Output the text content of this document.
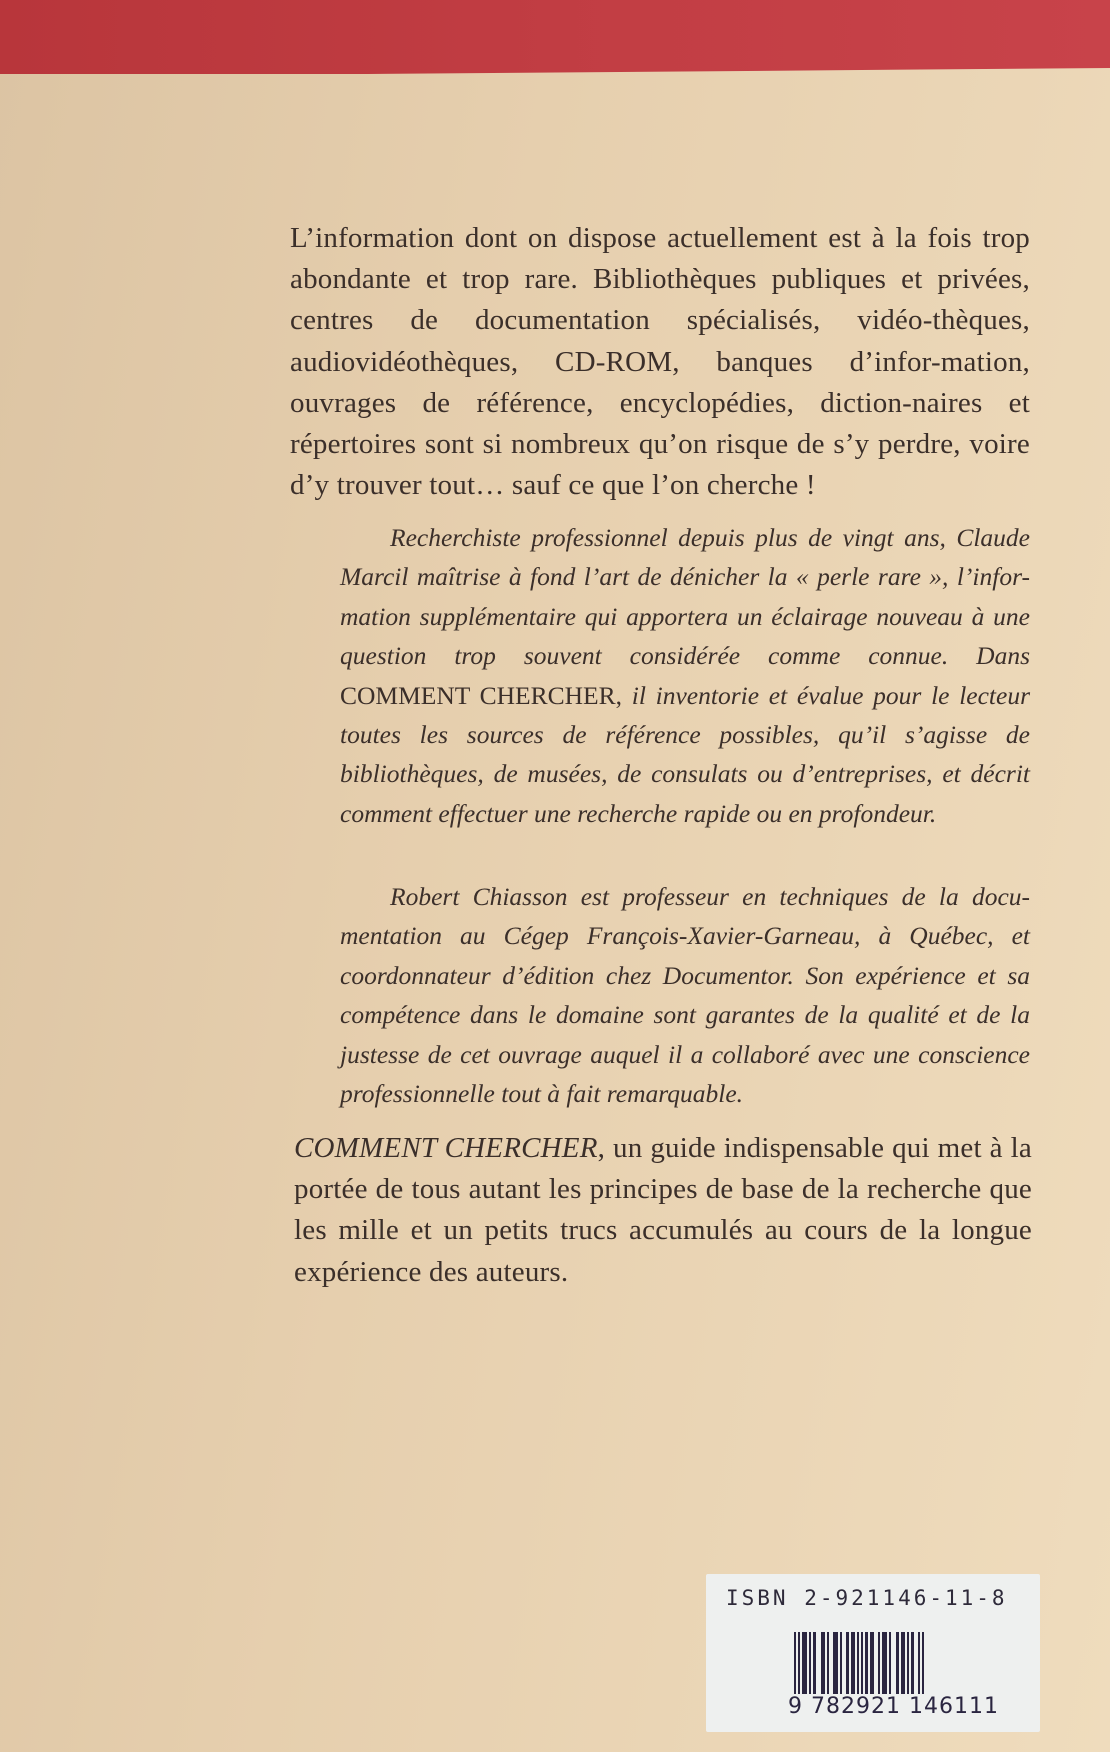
L’information dont on dispose actuellement est à la fois trop abondante et trop rare. Bibliothèques publiques et privées, centres de documentation spécialisés, vidéo-thèques, audiovidéothèques, CD-ROM, banques d’infor-mation, ouvrages de référence, encyclopédies, diction-naires et répertoires sont si nombreux qu’on risque de s’y perdre, voire d’y trouver tout… sauf ce que l’on cherche !

Recherchiste professionnel depuis plus de vingt ans, Claude Marcil maîtrise à fond l’art de dénicher la « perle rare », l’infor-mation supplémentaire qui apportera un éclairage nouveau à une question trop souvent considérée comme connue. Dans COMMENT CHERCHER, il inventorie et évalue pour le lecteur toutes les sources de référence possibles, qu’il s’agisse de bibliothèques, de musées, de consulats ou d’entreprises, et décrit comment effectuer une recherche rapide ou en profondeur.

Robert Chiasson est professeur en techniques de la docu-mentation au Cégep François-Xavier-Garneau, à Québec, et coordonnateur d’édition chez Documentor. Son expérience et sa compétence dans le domaine sont garantes de la qualité et de la justesse de cet ouvrage auquel il a collaboré avec une conscience professionnelle tout à fait remarquable.

COMMENT CHERCHER, un guide indispensable qui met à la portée de tous autant les principes de base de la recherche que les mille et un petits trucs accumulés au cours de la longue expérience des auteurs.

ISBN 2-921146-11-8
9 782921 146111
